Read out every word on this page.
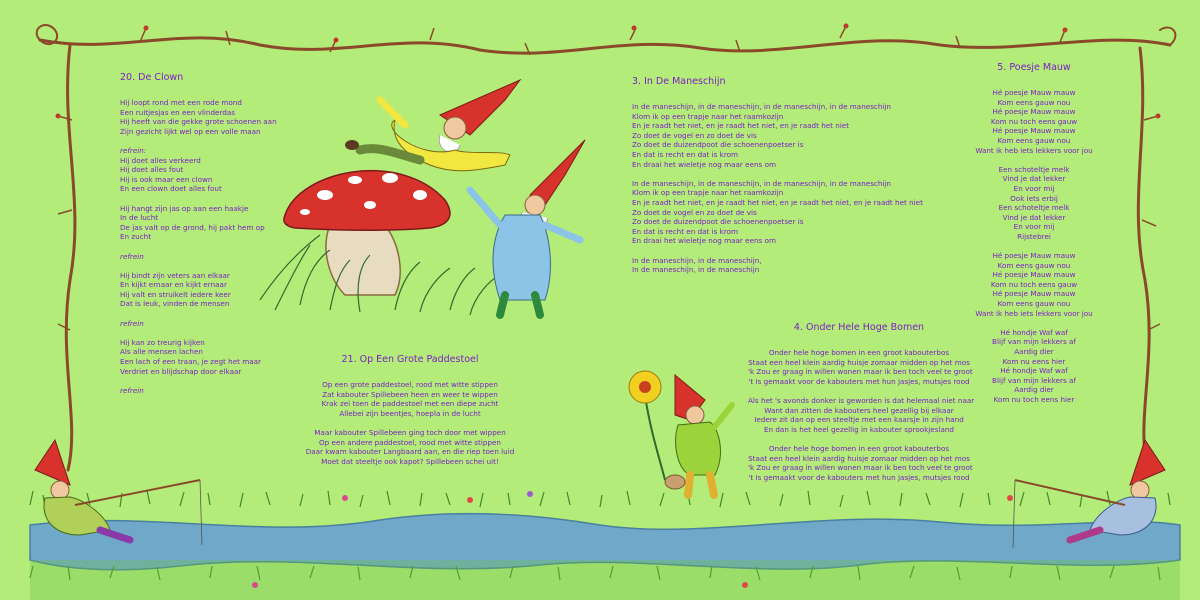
20. De Clown
Hij loopt rond met een rode mond
Een ruitjesjas en een vlinderdas
Hij heeft van die gekke grote schoenen aan
Zijn gezicht lijkt wel op een volle maan
refrein:
Hij doet alles verkeerd
Hij doet alles fout
Hij is ook maar een clown
En een clown doet alles fout
Hij hangt zijn jas op aan een haakje
In de lucht
De jas valt op de grond, hij pakt hem op
En zucht
refrein
Hij bindt zijn veters aan elkaar
En kijkt ernaar en kijkt ernaar
Hij valt en struikelt iedere keer
Dat is leuk, vinden de mensen
refrein
Hij kan zo treurig kijken
Als alle mensen lachen
Een lach of een traan, je zegt het maar
Verdriet en blijdschap door elkaar
refrein
21. Op Een Grote Paddestoel
Op een grote paddestoel, rood met witte stippen
Zat kabouter Spillebeen heen en weer te wippen
Krak zei toen de paddestoel met een diepe zucht
Allebei zijn beentjes, hoepla in de lucht
Maar kabouter Spillebeen ging toch door met wippen
Op een andere paddestoel, rood met witte stippen
Daar kwam kabouter Langbaard aan, en die riep toen luid
Moet dat steeltje ook kapot? Spillebeen schei uit!
3. In De Maneschijn
In de maneschijn, in de maneschijn, in de maneschijn, in de maneschijn
Klom ik op een trapje naar het raamkozijn
En je raadt het niet, en je raadt het niet, en je raadt het niet
Zo doet de vogel en zo doet de vis
Zo doet de duizendpoot die schoenenpoetser is
En dat is recht en dat is krom
En draai het wieletje nog maar eens om
In de maneschijn, in de maneschijn, in de maneschijn, in de maneschijn
Klom ik op een trapje naar het raamkozijn
En je raadt het niet, en je raadt het niet, en je raadt het niet, en je raadt het niet
Zo doet de vogel en zo doet de vis
Zo doet de duizendpoot die schoenenpoetser is
En dat is recht en dat is krom
En draai het wieletje nog maar eens om
In de maneschijn, in de maneschijn,
In de maneschijn, in de maneschijn
4. Onder Hele Hoge Bomen
Onder hele hoge bomen in een groot kabouterbos
Staat een heel klein aardig huisje zomaar midden op het mos
'k Zou er graag in willen wonen maar ik ben toch veel te groot
't Is gemaakt voor de kabouters met hun jasjes, mutsjes rood
Als het 's avonds donker is geworden is dat helemaal niet naar
Want dan zitten de kabouters heel gezellig bij elkaar
Iedere zit dan op een steeltje met een kaarsje in zijn hand
En dan is het heel gezellig in kabouter sprookjesland
Onder hele hoge bomen in een groot kabouterbos
Staat een heel klein aardig huisje zomaar midden op het mos
'k Zou er graag in willen wonen maar ik ben toch veel te groot
't Is gemaakt voor de kabouters met hun jasjes, mutsjes rood
5. Poesje Mauw
Hé poesje Mauw mauw
Kom eens gauw nou
Hé poesje Mauw mauw
Kom nu toch eens gauw
Hé poesje Mauw mauw
Kom eens gauw nou
Want ik heb iets lekkers voor jou
Een schoteltje melk
Vind je dat lekker
En voor mij
Ook iets erbij
Een schoteltje melk
Vind je dat lekker
En voor mij
Rijstebrei
Hé poesje Mauw mauw
Kom eens gauw nou
Hé poesje Mauw mauw
Kom nu toch eens gauw
Hé poesje Mauw mauw
Kom eens gauw nou
Want ik heb iets lekkers voor jou
Hé hondje Waf waf
Blijf van mijn lekkers af
Aardig dier
Kom nu eens hier
Hé hondje Waf waf
Blijf van mijn lekkers af
Aardig dier
Kom nu toch eens hier
